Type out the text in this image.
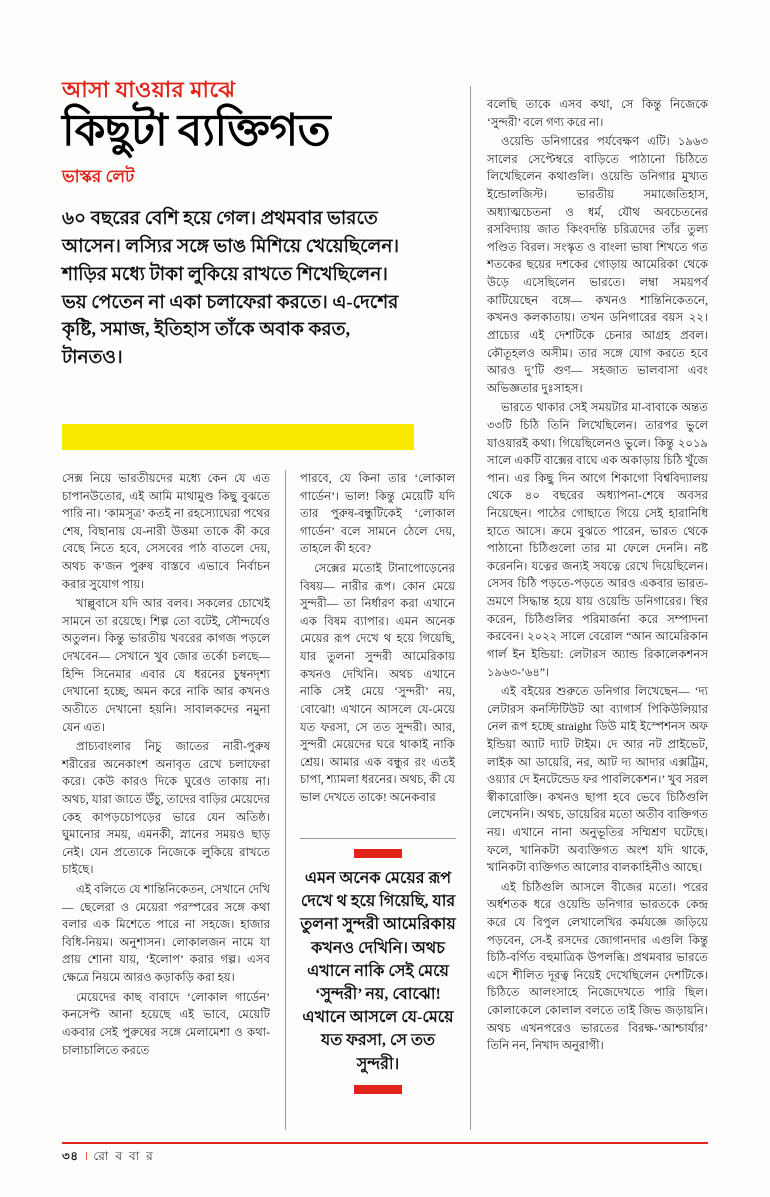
আসা যাওয়ার মাঝে
কিছুটা ব্যক্তিগত
ভাস্কর লেট

৬০ বছরের বেশি হয়ে গেল। প্রথমবার ভারতে আসেন। লস্যির সঙ্গে ভাঙ মিশিয়ে খেয়েছিলেন। শাড়ির মধ্যে টাকা লুকিয়ে রাখতে শিখেছিলেন। ভয় পেতেন না একা চলাফেরা করতে। এ-দেশের কৃষ্টি, সমাজ, ইতিহাস তাঁকে অবাক করত, টানতও।

সেক্স নিয়ে ভারতীয়দের মধ্যে কেন যে এত চাপানউতোর, এই আমি মাথামুণ্ড কিছু বুঝতে পারি না। ‘কামসূত্র’ কতই না রহস্যোঘেরা পথের শেষ, বিছানায় যে-নারী উত্তমা তাকে কী করে বেছে নিতে হবে, সেসবের পাঠ বাতলে দেয়, অথচ ক’জন পুরুষ বাস্তবে এভাবে নির্বাচন করার সুযোগ পায়।

খাল্লুবাসে যদি আর বলব। সকলের চোখেই সামনে তা রয়েছে। শিল্প তো বটেই, সৌন্দর্যেও অতুলন। কিন্তু ভারতীয় খবরের কাগজ পড়লে দেখবেন— সেখানে খুব জোর তর্কো চলছে— হিন্দি সিনেমার এবার যে ধরনের চুম্বনদৃশ্য দেখানো হচ্ছে, অমন করে নাকি আর কখনও অতীতে দেখানো হয়নি। সাবালকদের নমুনা যেন এত।

প্রাচ্যবাংলার নিচু জাতের নারী-পুরুষ শরীরের অনেকাংশ অনাবৃত রেখে চলাফেরা করে। কেউ কারও দিকে ঘুরেও তাকায় না। অথচ, যারা জাতে উঁচু, তাদের বাড়ির মেয়েদের কেহ কাপড়চোপড়ের ভারে যেন অতিষ্ঠ। ঘুমানোর সময়, এমনকী, স্নানের সময়ও ছাড় নেই। যেন প্রত্যেকে নিজেকে লুকিয়ে রাখতে চাইছে।

এই বলিতে যে শান্তিনিকেতন, সেখানে দেখি— ছেলেরা ও মেয়েরা পরস্পরের সঙ্গে কথা বলার এক মিশেতে পারে না সহজে। হাজার বিধি-নিয়ম। অনুশাসন। লোকালজন নামে যা প্রায় শোনা যায়, ‘ইলোপ’ করার গল্প। এসব ক্ষেত্রে নিয়মে আরও কড়াকড়ি করা হয়।

মেয়েদের কাছ বাবাদে ‘লোকাল গার্ডেন’ কনসেপ্ট আনা হয়েছে এই ভাবে, মেয়েটি একবার সেই পুরুষের সঙ্গে মেলামেশা ও কথা-চালাচালিতে করতে

পারবে, যে কিনা তার ‘লোকাল গার্ডেন’। ভাল! কিন্তু মেয়েটি যদি তার পুরুষ-বন্ধুটিকেই ‘লোকাল গার্ডেন’ বলে সামনে ঠেলে দেয়, তাহলে কী হবে?

সেক্সের মতোই টানাপোড়েনের বিষয়— নারীর রূপ। কোন মেয়ে সুন্দরী— তা নির্ধারণ করা এখানে এক বিষম ব্যাপার। এমন অনেক মেয়ের রূপ দেখে থ হয়ে গিয়েছি, যার তুলনা সুন্দরী আমেরিকায় কখনও দেখিনি। অথচ এখানে নাকি সেই মেয়ে ‘সুন্দরী’ নয়, বোঝো! এখানে আসলে যে-মেয়ে যত ফরসা, সে তত সুন্দরী। আর, সুন্দরী মেয়েদের ঘরে থাকাই নাকি শ্রেয়। আমার এক বন্ধুর রং এতই চাপা, শ্যামলা ধরনের। অথচ, কী যে ভাল দেখতে তাকে! অনেকবার

এমন অনেক মেয়ের রূপ দেখে থ হয়ে গিয়েছি, যার তুলনা সুন্দরী আমেরিকায় কখনও দেখিনি। অথচ এখানে নাকি সেই মেয়ে ‘সুন্দরী’ নয়, বোঝো! এখানে আসলে যে-মেয়ে যত ফরসা, সে তত সুন্দরী।

বলেছি তাকে এসব কথা, সে কিন্তু নিজেকে ‘সুন্দরী’ বলে গণ্য করে না।

ওয়েন্ডি ডনিগারের পর্যবেক্ষণ এটি। ১৯৬৩ সালের সেপ্টেম্বরে বাড়িতে পাঠানো চিঠিতে লিখেছিলেন কথাগুলি। ওয়েন্ডি ডনিগার মুখ্যত ইন্ডোলজিস্ট। ভারতীয় সমাজেতিহাস, অধ্যাত্মচেতনা ও ধর্ম, যৌথ অবচেতনের রসবিদ্যায় জাত কিংবদন্তি চরিত্রদের তাঁর তুল্য পণ্ডিত বিরল। সংস্কৃত ও বাংলা ভাষা শিখতে গত শতকের ছয়ের দশকের গোড়ায় আমেরিকা থেকে উড়ে এসেছিলেন ভারতে। লম্বা সময়পর্ব কাটিয়েছেন বঙ্গে— কখনও শান্তিনিকেতনে, কখনও কলকাতায়। তখন ডনিগারের বয়স ২২। প্রাচ্যের এই দেশটিকে চেনার আগ্রহ প্রবল। কৌতূহলও অসীম। তার সঙ্গে যোগ করতে হবে আরও দু’টি গুণ— সহজাত ভালবাসা এবং অভিজ্ঞতার দুঃসাহস।

ভারতে থাকার সেই সময়টার মা-বাবাকে অন্তত ৩৩টি চিঠি তিনি লিখেছিলেন। তারপর ভুলে যাওয়ারই কথা। গিয়েছিলেনও ভুলে। কিন্তু ২০১৯ সালে একটি বাক্সের বাঘে এক অকাড়ায় চিঠি খুঁজে পান। এর কিছু দিন আগে শিকাগো বিশ্ববিদ্যালয় থেকে ৪০ বছরের অধ্যাপনা-শেষে অবসর নিয়েছেন। পাঠের গোছাতে গিয়ে সেই হারানিধি হাতে আসে। ক্রমে বুঝতে পারেন, ভারত থেকে পাঠানো চিঠিগুলো তার মা ফেলে দেননি। নষ্ট করেননি। যত্নের জন্যই সযত্নে রেখে দিয়েছিলেন। সেসব চিঠি পড়তে-পড়তে আরও একবার ভারত-ভ্রমণে সিদ্ধান্ত হয়ে যায় ওয়েন্ডি ডনিগারের। স্থির করেন, চিঠিগুলির পরিমার্জনা করে সম্পাদনা করবেন। ২০২২ সালে বেরোল “আন আমেরিকান গার্ল ইন ইন্ডিয়া: লেটারস অ্যান্ড রিকালেকশনস ১৯৬৩-’৬৪”।

এই বইয়ের শুরুতে ডনিগার লিখেছেন— ‘দ্য লেটারস কনস্টিটিউট আ ব্যাগার্স পিকিউলিয়ার নেল রূপ হচ্ছে straight ডিউ মাই ইস্পেশনস অফ ইন্ডিয়া অ্যাট দ্যাট টাইম। দে আর নট প্রাইভেট, লাইক আ ডায়েরি, নর, আট দ্য আদার এক্সট্রিম, ওয়্যার দে ইনটেন্ডেড ফর পাবলিকেশন।’ খুব সরল স্বীকারোক্তি। কখনও ছাপা হবে ভেবে চিঠিগুলি লেখেননি। অথচ, ডায়েরির মতো অতীব ব্যক্তিগত নয়। এখানে নানা অনুভূতির সম্মিশ্রণ ঘটেছে। ফলে, খানিকটা অব্যক্তিগত অংশ যদি থাকে, খানিকটা ব্যক্তিগত আলোর বালকাহিনীও আছে।

এই চিঠিগুলি আসলে বীজের মতো। পরের অর্ধশতক ধরে ওয়েন্ডি ডনিগার ভারতকে কেন্দ্র করে যে বিপুল লেখালেখির কর্মযজ্ঞে জড়িয়ে পড়বেন, সে-ই রসদের জোগানদার এগুলি কিন্তু চিঠি-বর্ণিত বহুমাত্রিক উপলব্ধি। প্রথমবার ভারতে এসে শীলিত দূরত্ব নিয়েই দেখেছিলেন দেশটিকে। চিঠিতে আলংসাহে নিজেদেখতে পারি ছিল। কোলাকেলে কোলাল বলতে তাই জিভ জড়ায়নি। অথচ এখনপরেও ভারতের বিরক্ষ-‘আশ্চার্যার’ তিনি নন, নিখাদ অনুরাগী।

৩৪ । রো ব বা র
